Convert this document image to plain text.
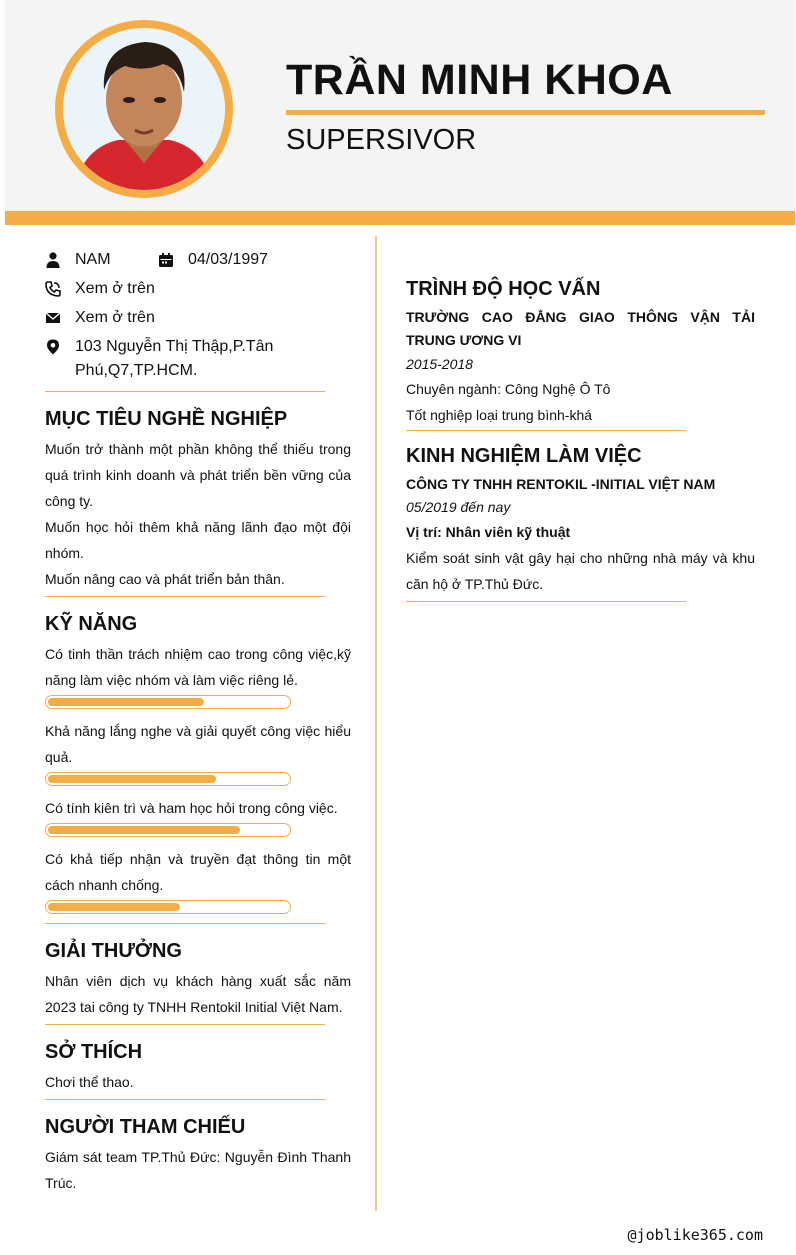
TRẦN MINH KHOA
SUPERSIVOR
NAM	04/03/1997
Xem ở trên
Xem ở trên
103 Nguyễn Thị Thập,P.Tân Phú,Q7,TP.HCM.
MỤC TIÊU NGHỀ NGHIỆP
Muốn trở thành một phần không thể thiếu trong quá trình kinh doanh và phát triển bền vững của công ty.
Muốn học hỏi thêm khả năng lãnh đạo một đội nhóm.
Muốn nâng cao và phát triển bản thân.
KỸ NĂNG
Có tinh thần trách nhiệm cao trong công việc,kỹ năng làm việc nhóm và làm việc riêng lẻ.
Khả năng lắng nghe và giải quyết công việc hiểu quả.
Có tính kiên trì và ham học hỏi trong công việc.
Có khả tiếp nhận và truyền đạt thông tin một cách nhanh chống.
GIẢI THƯỞNG
Nhân viên dịch vụ khách hàng xuất sắc năm 2023 tai công ty TNHH Rentokil Initial Việt Nam.
SỞ THÍCH
Chơi thể thao.
NGƯỜI THAM CHIẾU
Giám sát team TP.Thủ Đức: Nguyễn Đình Thanh Trúc.
TRÌNH ĐỘ HỌC VẤN
TRƯỜNG CAO ĐẲNG GIAO THÔNG VẬN TẢI TRUNG ƯƠNG VI
2015-2018
Chuyên ngành: Công Nghệ Ô Tô
Tốt nghiệp loại trung bình-khá
KINH NGHIỆM LÀM VIỆC
CÔNG TY TNHH RENTOKIL -INITIAL VIỆT NAM
05/2019 đến nay
Vị trí: Nhân viên kỹ thuật
Kiểm soát sinh vật gây hại cho những nhà máy và khu căn hộ ở TP.Thủ Đức.
@joblike365.com
